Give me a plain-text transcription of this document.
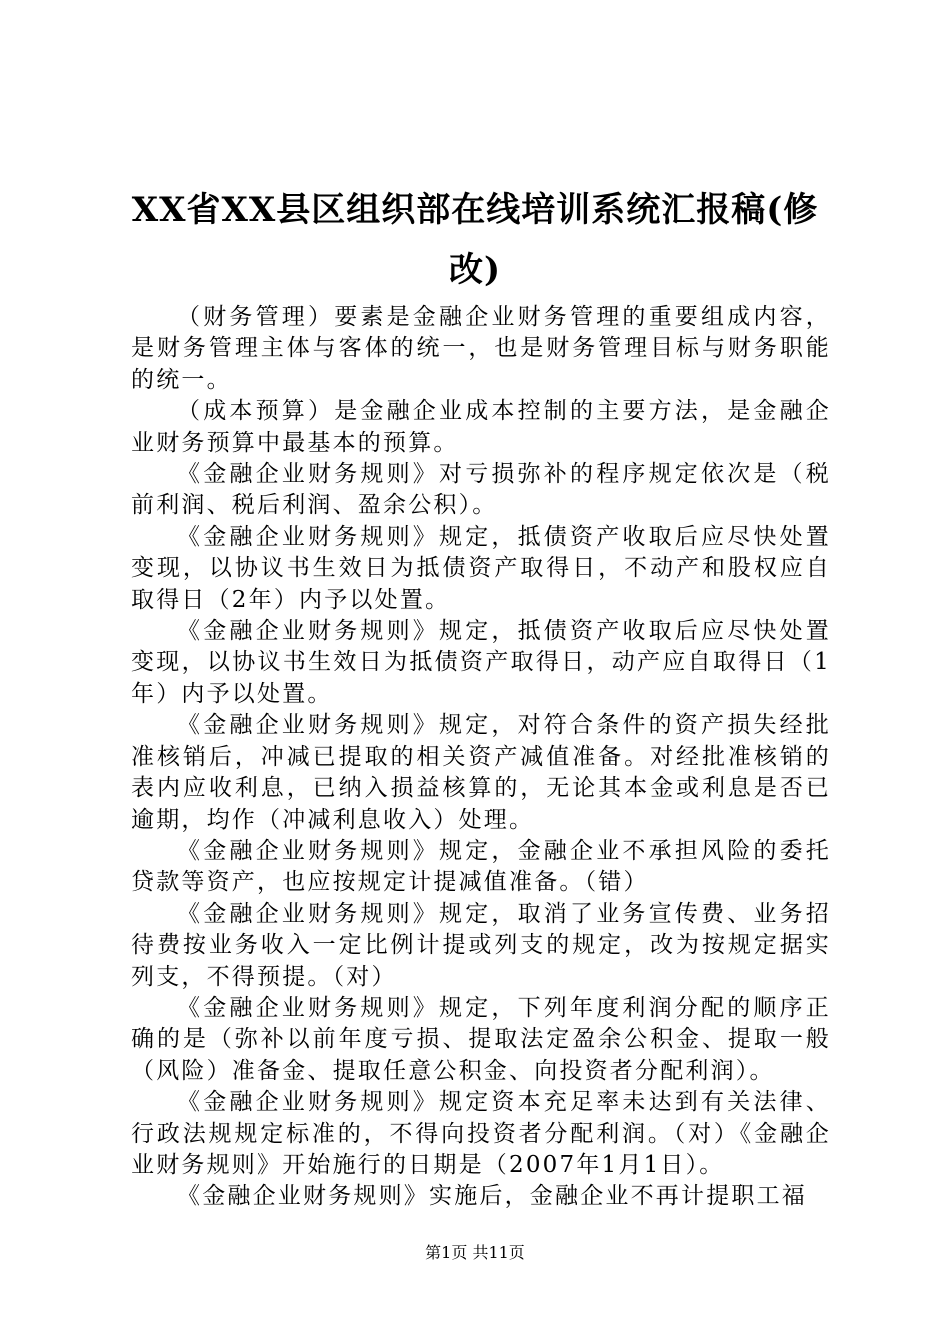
XX省XX县区组织部在线培训系统汇报稿(修改)

（财务管理）要素是金融企业财务管理的重要组成内容，是财务管理主体与客体的统一，也是财务管理目标与财务职能的统一。

（成本预算）是金融企业成本控制的主要方法，是金融企业财务预算中最基本的预算。

《金融企业财务规则》对亏损弥补的程序规定依次是（税前利润、税后利润、盈余公积）。

《金融企业财务规则》规定，抵债资产收取后应尽快处置变现，以协议书生效日为抵债资产取得日，不动产和股权应自取得日（2年）内予以处置。

《金融企业财务规则》规定，抵债资产收取后应尽快处置变现，以协议书生效日为抵债资产取得日，动产应自取得日（1年）内予以处置。

《金融企业财务规则》规定，对符合条件的资产损失经批准核销后，冲减已提取的相关资产减值准备。对经批准核销的表内应收利息，已纳入损益核算的，无论其本金或利息是否已逾期，均作（冲减利息收入）处理。

《金融企业财务规则》规定，金融企业不承担风险的委托贷款等资产，也应按规定计提减值准备。（错）

《金融企业财务规则》规定，取消了业务宣传费、业务招待费按业务收入一定比例计提或列支的规定，改为按规定据实列支，不得预提。（对）

《金融企业财务规则》规定，下列年度利润分配的顺序正确的是（弥补以前年度亏损、提取法定盈余公积金、提取一般（风险）准备金、提取任意公积金、向投资者分配利润）。

《金融企业财务规则》规定资本充足率未达到有关法律、行政法规规定标准的，不得向投资者分配利润。（对）《金融企业财务规则》开始施行的日期是（2007年1月1日）。

《金融企业财务规则》实施后，金融企业不再计提职工福

第1页 共11页
